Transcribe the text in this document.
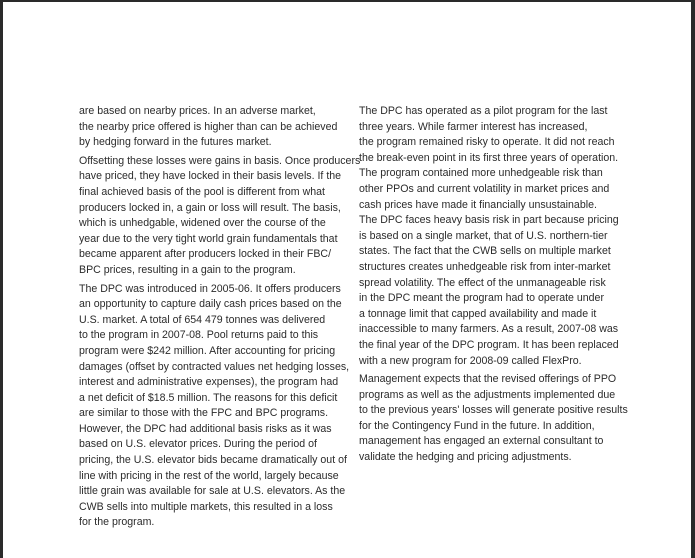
are based on nearby prices. In an adverse market,
the nearby price offered is higher than can be achieved
by hedging forward in the futures market.

Offsetting these losses were gains in basis. Once producers
have priced, they have locked in their basis levels. If the
final achieved basis of the pool is different from what
producers locked in, a gain or loss will result. The basis,
which is unhedgable, widened over the course of the
year due to the very tight world grain fundamentals that
became apparent after producers locked in their FBC/
BPC prices, resulting in a gain to the program.

The DPC was introduced in 2005-06. It offers producers
an opportunity to capture daily cash prices based on the
U.S. market. A total of 654 479 tonnes was delivered
to the program in 2007-08. Pool returns paid to this
program were $242 million. After accounting for pricing
damages (offset by contracted values net hedging losses,
interest and administrative expenses), the program had
a net deficit of $18.5 million. The reasons for this deficit
are similar to those with the FPC and BPC programs.
However, the DPC had additional basis risks as it was
based on U.S. elevator prices. During the period of
pricing, the U.S. elevator bids became dramatically out of
line with pricing in the rest of the world, largely because
little grain was available for sale at U.S. elevators. As the
CWB sells into multiple markets, this resulted in a loss
for the program.

The DPC has operated as a pilot program for the last
three years. While farmer interest has increased,
the program remained risky to operate. It did not reach
the break-even point in its first three years of operation.
The program contained more unhedgeable risk than
other PPOs and current volatility in market prices and
cash prices have made it financially unsustainable.
The DPC faces heavy basis risk in part because pricing
is based on a single market, that of U.S. northern-tier
states. The fact that the CWB sells on multiple market
structures creates unhedgeable risk from inter-market
spread volatility. The effect of the unmanageable risk
in the DPC meant the program had to operate under
a tonnage limit that capped availability and made it
inaccessible to many farmers. As a result, 2007-08 was
the final year of the DPC program. It has been replaced
with a new program for 2008-09 called FlexPro.

Management expects that the revised offerings of PPO
programs as well as the adjustments implemented due
to the previous years' losses will generate positive results
for the Contingency Fund in the future. In addition,
management has engaged an external consultant to
validate the hedging and pricing adjustments.
